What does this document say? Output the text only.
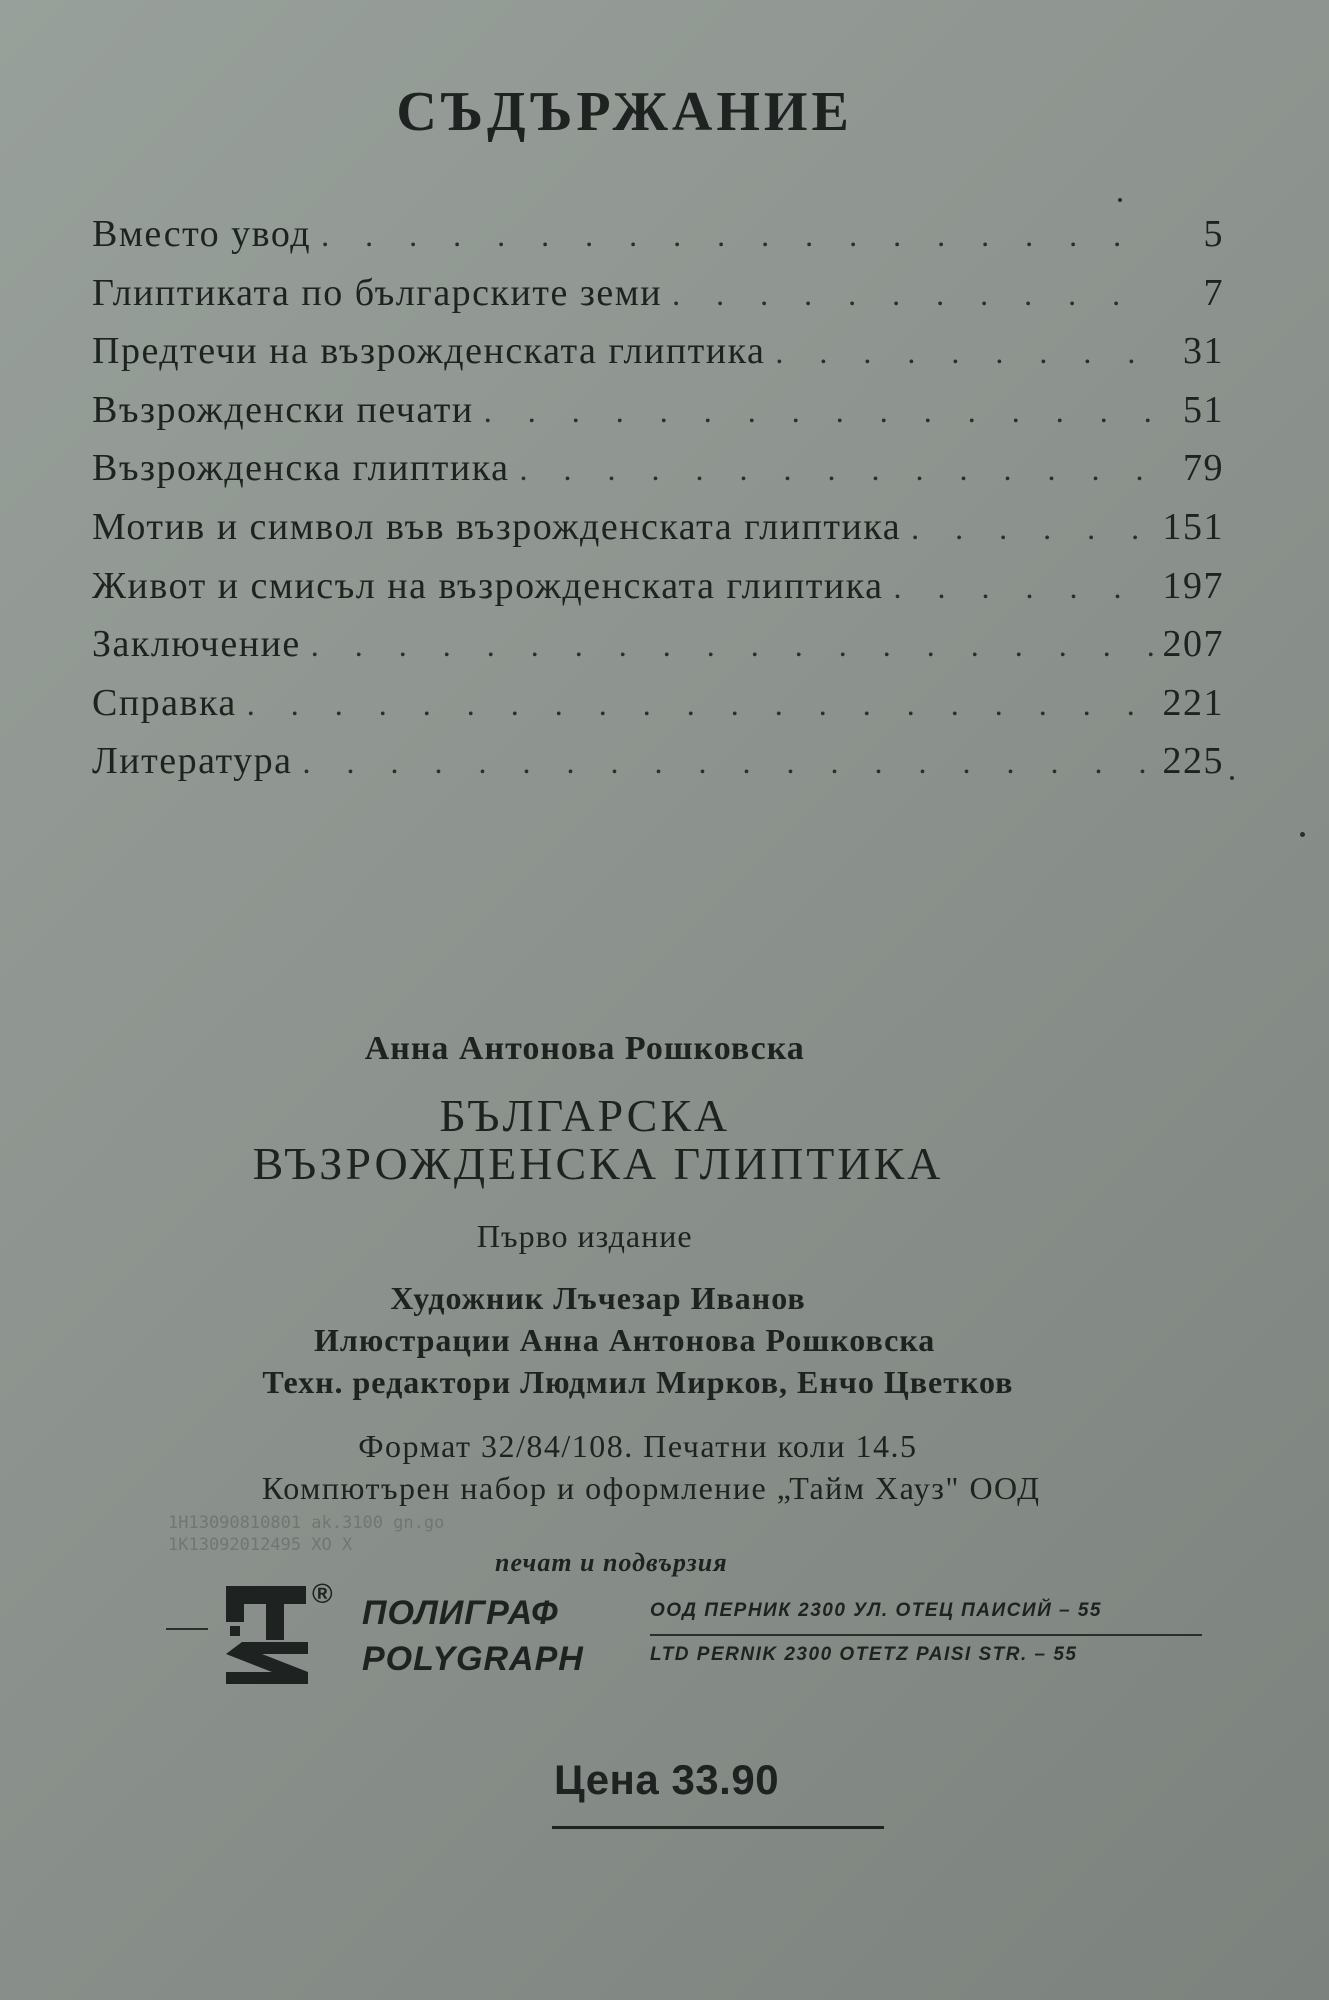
СЪДЪРЖАНИЕ
Вместо увод . . .	5
Глиптиката по българските земи . . .	7
Предтечи на възрожденската глиптика . . .	31
Възрожденски печати . . .	51
Възрожденска глиптика . . .	79
Мотив и символ във възрожденската глиптика . . .	151
Живот и смисъл на възрожденската глиптика . . .	197
Заключение . . .	207
Справка . . .	221
Литература . . .	225
Анна Антонова Рошковска
БЪЛГАРСКА
ВЪЗРОЖДЕНСКА ГЛИПТИКА
Първо издание
Художник Лъчезар Иванов
Илюстрации Анна Антонова Рошковска
Техн. редактори Людмил Мирков, Енчо Цветков
Формат 32/84/108. Печатни коли 14.5
Компютърен набор и оформление „Тайм Хауз" ООД
1H13090810801 ak.3100 gn.go
1K13092012495 XO X
печат и подвързия
®
ПОЛИГРАФ
POLYGRAPH
ООД ПЕРНИК 2300 УЛ. ОТЕЦ ПАИСИЙ – 55
LTD PERNIK 2300 OTETZ PAISI STR. – 55
Цена 33.90
